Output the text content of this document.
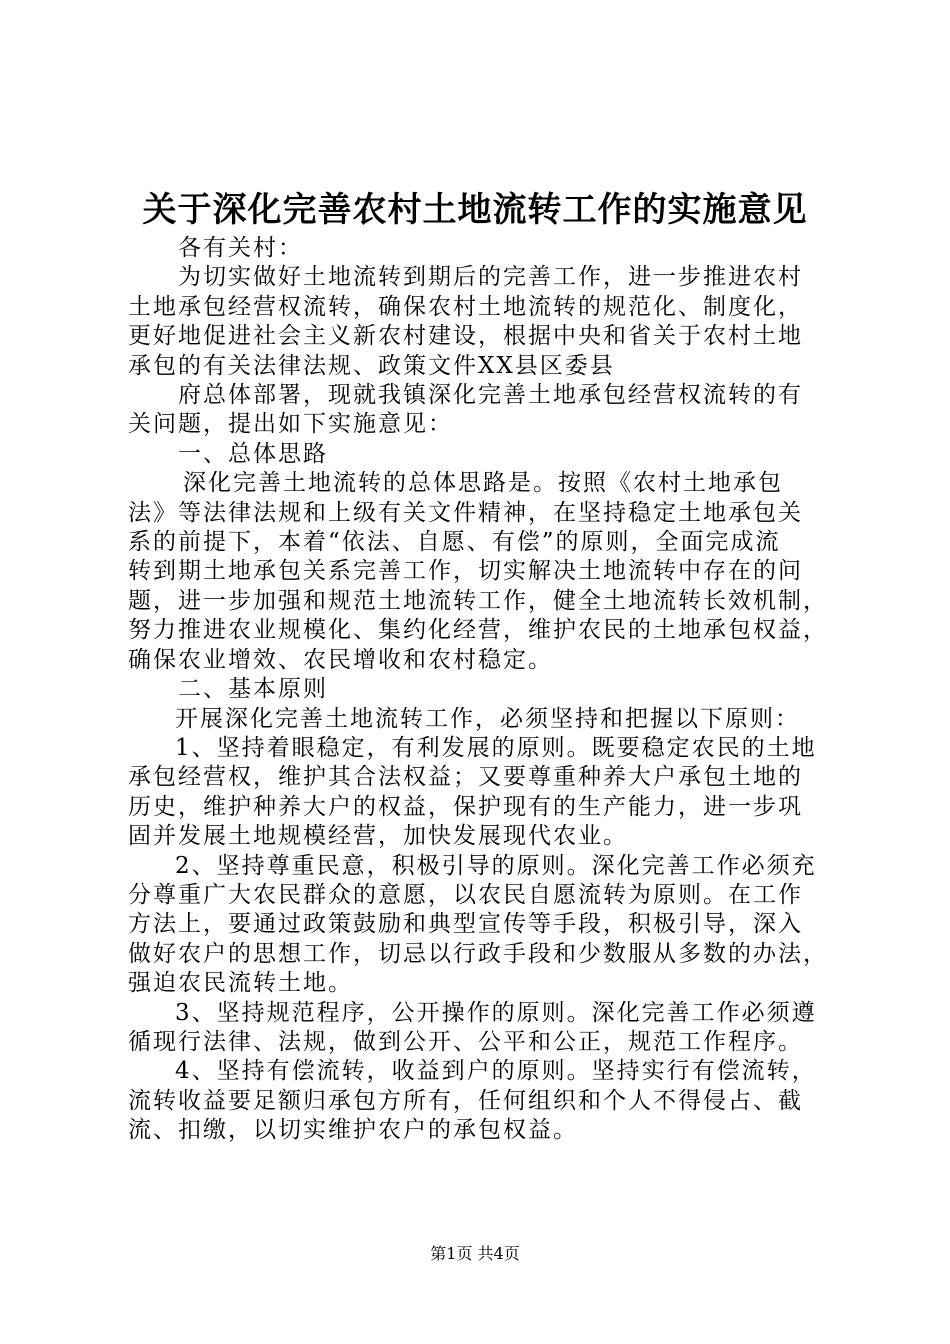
关于深化完善农村土地流转工作的实施意见
各有关村：
为切实做好土地流转到期后的完善工作，进一步推进农村
土地承包经营权流转，确保农村土地流转的规范化、制度化，
更好地促进社会主义新农村建设，根据中央和省关于农村土地
承包的有关法律法规、政策文件XX县区委县
府总体部署，现就我镇深化完善土地承包经营权流转的有
关问题，提出如下实施意见：
一、总体思路
深化完善土地流转的总体思路是。按照《农村土地承包
法》等法律法规和上级有关文件精神，在坚持稳定土地承包关
系的前提下，本着“依法、自愿、有偿”的原则，全面完成流
转到期土地承包关系完善工作，切实解决土地流转中存在的问
题，进一步加强和规范土地流转工作，健全土地流转长效机制，
努力推进农业规模化、集约化经营，维护农民的土地承包权益，
确保农业增效、农民增收和农村稳定。
二、基本原则
开展深化完善土地流转工作，必须坚持和把握以下原则：
1、坚持着眼稳定，有利发展的原则。既要稳定农民的土地
承包经营权，维护其合法权益；又要尊重种养大户承包土地的
历史，维护种养大户的权益，保护现有的生产能力，进一步巩
固并发展土地规模经营，加快发展现代农业。
2、坚持尊重民意，积极引导的原则。深化完善工作必须充
分尊重广大农民群众的意愿，以农民自愿流转为原则。在工作
方法上，要通过政策鼓励和典型宣传等手段，积极引导，深入
做好农户的思想工作，切忌以行政手段和少数服从多数的办法，
强迫农民流转土地。
3、坚持规范程序，公开操作的原则。深化完善工作必须遵
循现行法律、法规，做到公开、公平和公正，规范工作程序。
4、坚持有偿流转，收益到户的原则。坚持实行有偿流转，
流转收益要足额归承包方所有，任何组织和个人不得侵占、截
流、扣缴，以切实维护农户的承包权益。
第1页 共4页
